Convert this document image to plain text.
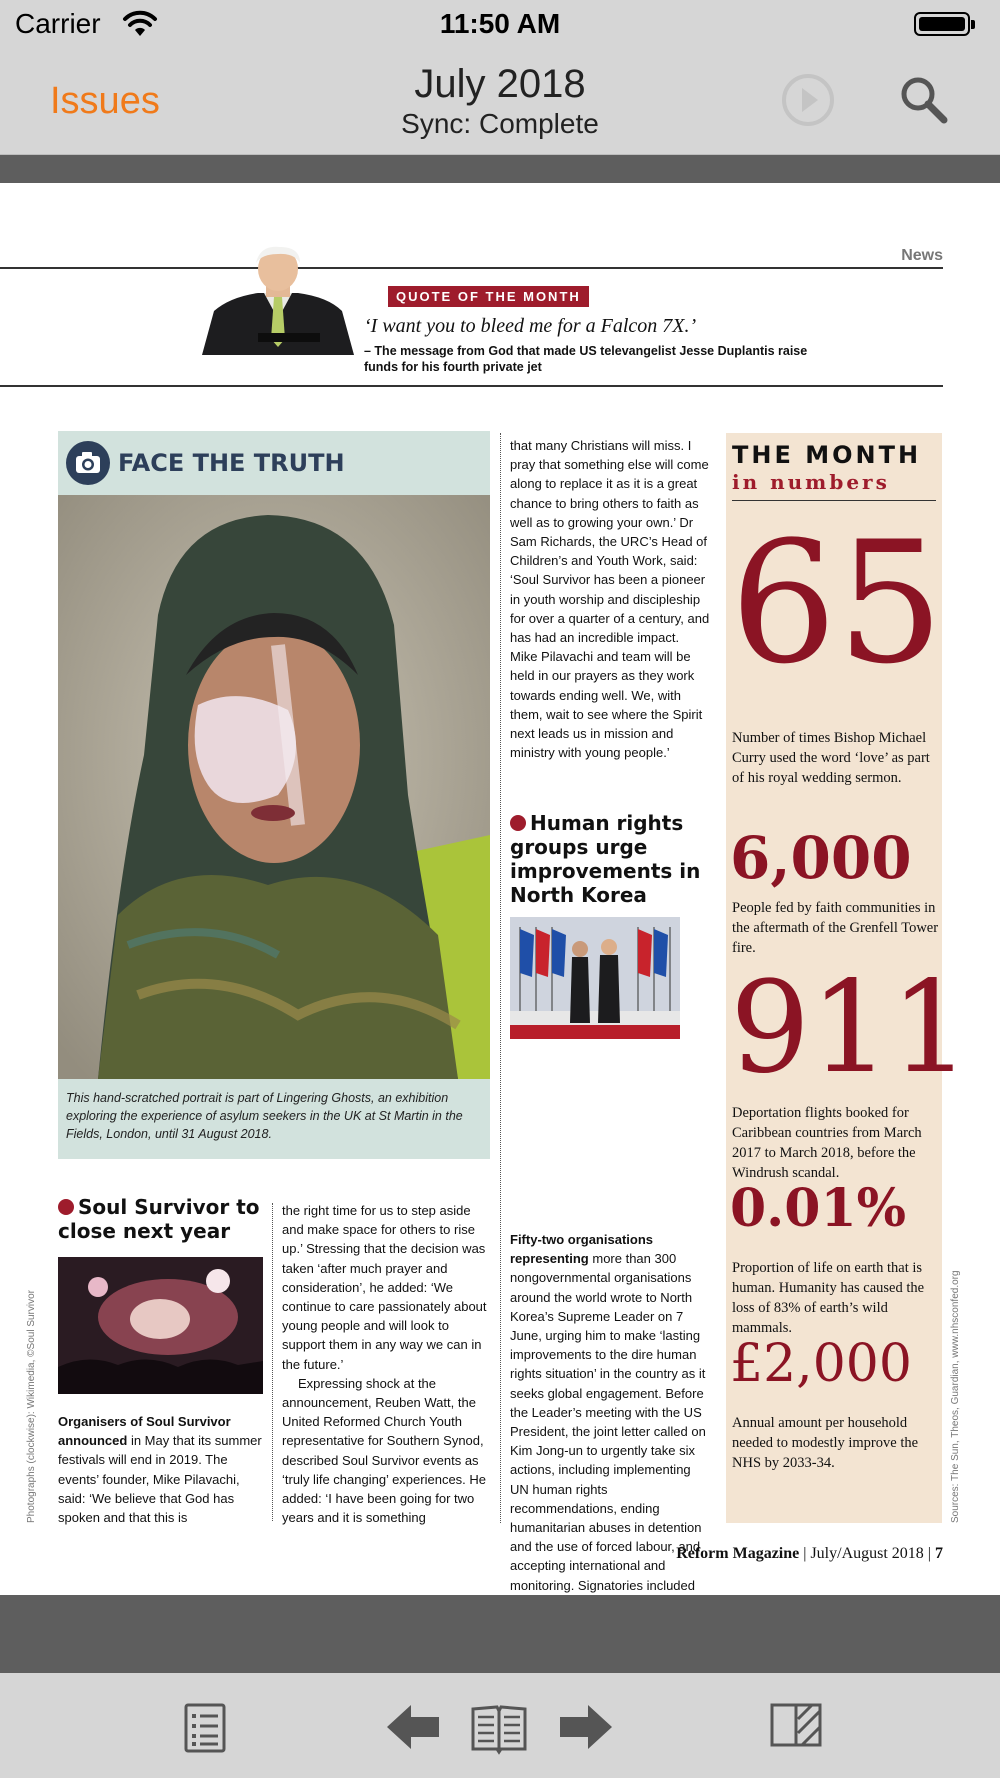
Carrier	11:50 AM
Issues	July 2018
Sync: Complete
News
QUOTE OF THE MONTH
‘I want you to bleed me for a Falcon 7X.’
– The message from God that made US televangelist Jesse Duplantis raise funds for his fourth private jet
FACE THE TRUTH
This hand-scratched portrait is part of Lingering Ghosts, an exhibition exploring the experience of asylum seekers in the UK at St Martin in the Fields, London, until 31 August 2018.

that many Christians will miss. I pray that something else will come along to replace it as it is a great chance to bring others to faith as well as to growing your own.’ Dr Sam Richards, the URC’s Head of Children’s and Youth Work, said: ‘Soul Survivor has been a pioneer in youth worship and discipleship for over a quarter of a century, and has had an incredible impact. Mike Pilavachi and team will be held in our prayers as they work towards ending well. We, with them, wait to see where the Spirit next leads us in mission and ministry with young people.’

Human rights groups urge improvements in North Korea

Fifty-two organisations representing more than 300 nongovernmental organisations around the world wrote to North Korea’s Supreme Leader on 7 June, urging him to make ‘lasting improvements to the dire human rights situation’ in the country as it seeks global engagement. Before the Leader’s meeting with the US President, the joint letter called on Kim Jong-un to urgently take six actions, including implementing UN human rights recommendations, ending humanitarian abuses in detention and the use of forced labour, and accepting international and monitoring. Signatories included

Soul Survivor to close next year

Organisers of Soul Survivor announced in May that its summer festivals will end in 2019. The events’ founder, Mike Pilavachi, said: ‘We believe that God has spoken and that this is

the right time for us to step aside and make space for others to rise up.’ Stressing that the decision was taken ‘after much prayer and consideration’, he added: ‘We continue to care passionately about young people and will look to support them in any way we can in the future.’

Expressing shock at the announcement, Reuben Watt, the United Reformed Church Youth representative for Southern Synod, described Soul Survivor events as ‘truly life changing’ experiences. He added: ‘I have been going for two years and it is something

THE MONTH
in numbers
65
Number of times Bishop Michael Curry used the word ‘love’ as part of his royal wedding sermon.
6,000
People fed by faith communities in the aftermath of the Grenfell Tower fire.
911
Deportation flights booked for Caribbean countries from March 2017 to March 2018, before the Windrush scandal.
0.01%
Proportion of life on earth that is human. Humanity has caused the loss of 83% of earth’s wild mammals.
£2,000
Annual amount per household needed to modestly improve the NHS by 2033-34.
Photographs (clockwise): Wikimedia, ©Soul Survivor	Sources: The Sun, Theos, Guardian, www.nhsconfed.org
Reform Magazine | July/August 2018 | 7
